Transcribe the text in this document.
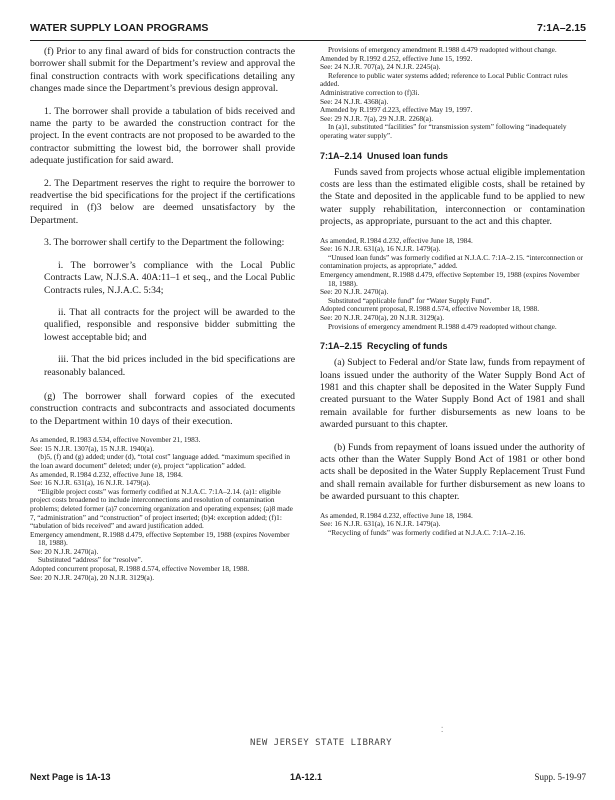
WATER SUPPLY LOAN PROGRAMS	7:1A–2.15

(f) Prior to any final award of bids for construction contracts the borrower shall submit for the Department’s review and approval the final construction contracts with work specifications detailing any changes made since the Department’s previous design approval.

1. The borrower shall provide a tabulation of bids received and name the party to be awarded the construction contract for the project. In the event contracts are not proposed to be awarded to the contractor submitting the lowest bid, the borrower shall provide adequate justification for said award.

2. The Department reserves the right to require the borrower to readvertise the bid specifications for the project if the certifications required in (f)3 below are deemed unsatisfactory by the Department.

3. The borrower shall certify to the Department the following:

i. The borrower’s compliance with the Local Public Contracts Law, N.J.S.A. 40A:11–1 et seq., and the Local Public Contracts rules, N.J.A.C. 5:34;

ii. That all contracts for the project will be awarded to the qualified, responsible and responsive bidder submitting the lowest acceptable bid; and

iii. That the bid prices included in the bid specifications are reasonably balanced.

(g) The borrower shall forward copies of the executed construction contracts and subcontracts and associated documents to the Department within 10 days of their execution.

As amended, R.1983 d.534, effective November 21, 1983.

See: 15 N.J.R. 1307(a), 15 N.J.R. 1940(a).

(b)5, (f) and (g) added; under (d), “total cost” language added. “maximum specified in the loan award document” deleted; under (e), project “application” added.

As amended, R.1984 d.232, effective June 18, 1984.

See: 16 N.J.R. 631(a), 16 N.J.R. 1479(a).

“Eligible project costs” was formerly codified at N.J.A.C. 7:1A–2.14. (a)1: eligible project costs broadened to include interconnections and resolution of contamination problems; deleted former (a)7 concerning organization and operating expenses; (a)8 made 7, “administration” and “construction” of project inserted; (b)4: exception added; (f)1: “tabulation of bids received” and award justification added.

Emergency amendment, R.1988 d.479, effective September 19, 1988 (expires November 18, 1988).

See: 20 N.J.R. 2470(a).

Substituted “address” for “resolve”.

Adopted concurrent proposal, R.1988 d.574, effective November 18, 1988.

See: 20 N.J.R. 2470(a), 20 N.J.R. 3129(a).

Provisions of emergency amendment R.1988 d.479 readopted without change.

Amended by R.1992 d.252, effective June 15, 1992.

See: 24 N.J.R. 707(a), 24 N.J.R. 2245(a).

Reference to public water systems added; reference to Local Public Contract rules added.

Administrative correction to (f)3i.

See: 24 N.J.R. 4368(a).

Amended by R.1997 d.223, effective May 19, 1997.

See: 29 N.J.R. 7(a), 29 N.J.R. 2268(a).

In (a)1, substituted “facilities” for “transmission system” following “inadequately operating water supply”.

7:1A–2.14 Unused loan funds

Funds saved from projects whose actual eligible implementation costs are less than the estimated eligible costs, shall be retained by the State and deposited in the applicable fund to be applied to new water supply rehabilitation, interconnection or contamination projects, as appropriate, pursuant to the act and this chapter.

As amended, R.1984 d.232, effective June 18, 1984.

See: 16 N.J.R. 631(a), 16 N.J.R. 1479(a).

“Unused loan funds” was formerly codified at N.J.A.C. 7:1A–2.15. “interconnection or contamination projects, as appropriate,” added.

Emergency amendment, R.1988 d.479, effective September 19, 1988 (expires November 18, 1988).

See: 20 N.J.R. 2470(a).

Substituted “applicable fund” for “Water Supply Fund”.

Adopted concurrent proposal, R.1988 d.574, effective November 18, 1988.

See: 20 N.J.R. 2470(a), 20 N.J.R. 3129(a).

Provisions of emergency amendment R.1988 d.479 readopted without change.

7:1A–2.15 Recycling of funds

(a) Subject to Federal and/or State law, funds from repayment of loans issued under the authority of the Water Supply Bond Act of 1981 and this chapter shall be deposited in the Water Supply Fund created pursuant to the Water Supply Bond Act of 1981 and shall remain available for further disbursements as new loans to be awarded pursuant to this chapter.

(b) Funds from repayment of loans issued under the authority of acts other than the Water Supply Bond Act of 1981 or other bond acts shall be deposited in the Water Supply Replacement Trust Fund and shall remain available for further disbursement as new loans to be awarded pursuant to this chapter.

As amended, R.1984 d.232, effective June 18, 1984.

See: 16 N.J.R. 631(a), 16 N.J.R. 1479(a).

“Recycling of funds” was formerly codified at N.J.A.C. 7:1A–2.16.

⁚
NEW JERSEY STATE LIBRARY
Next Page is 1A-13	1A-12.1	Supp. 5-19-97
